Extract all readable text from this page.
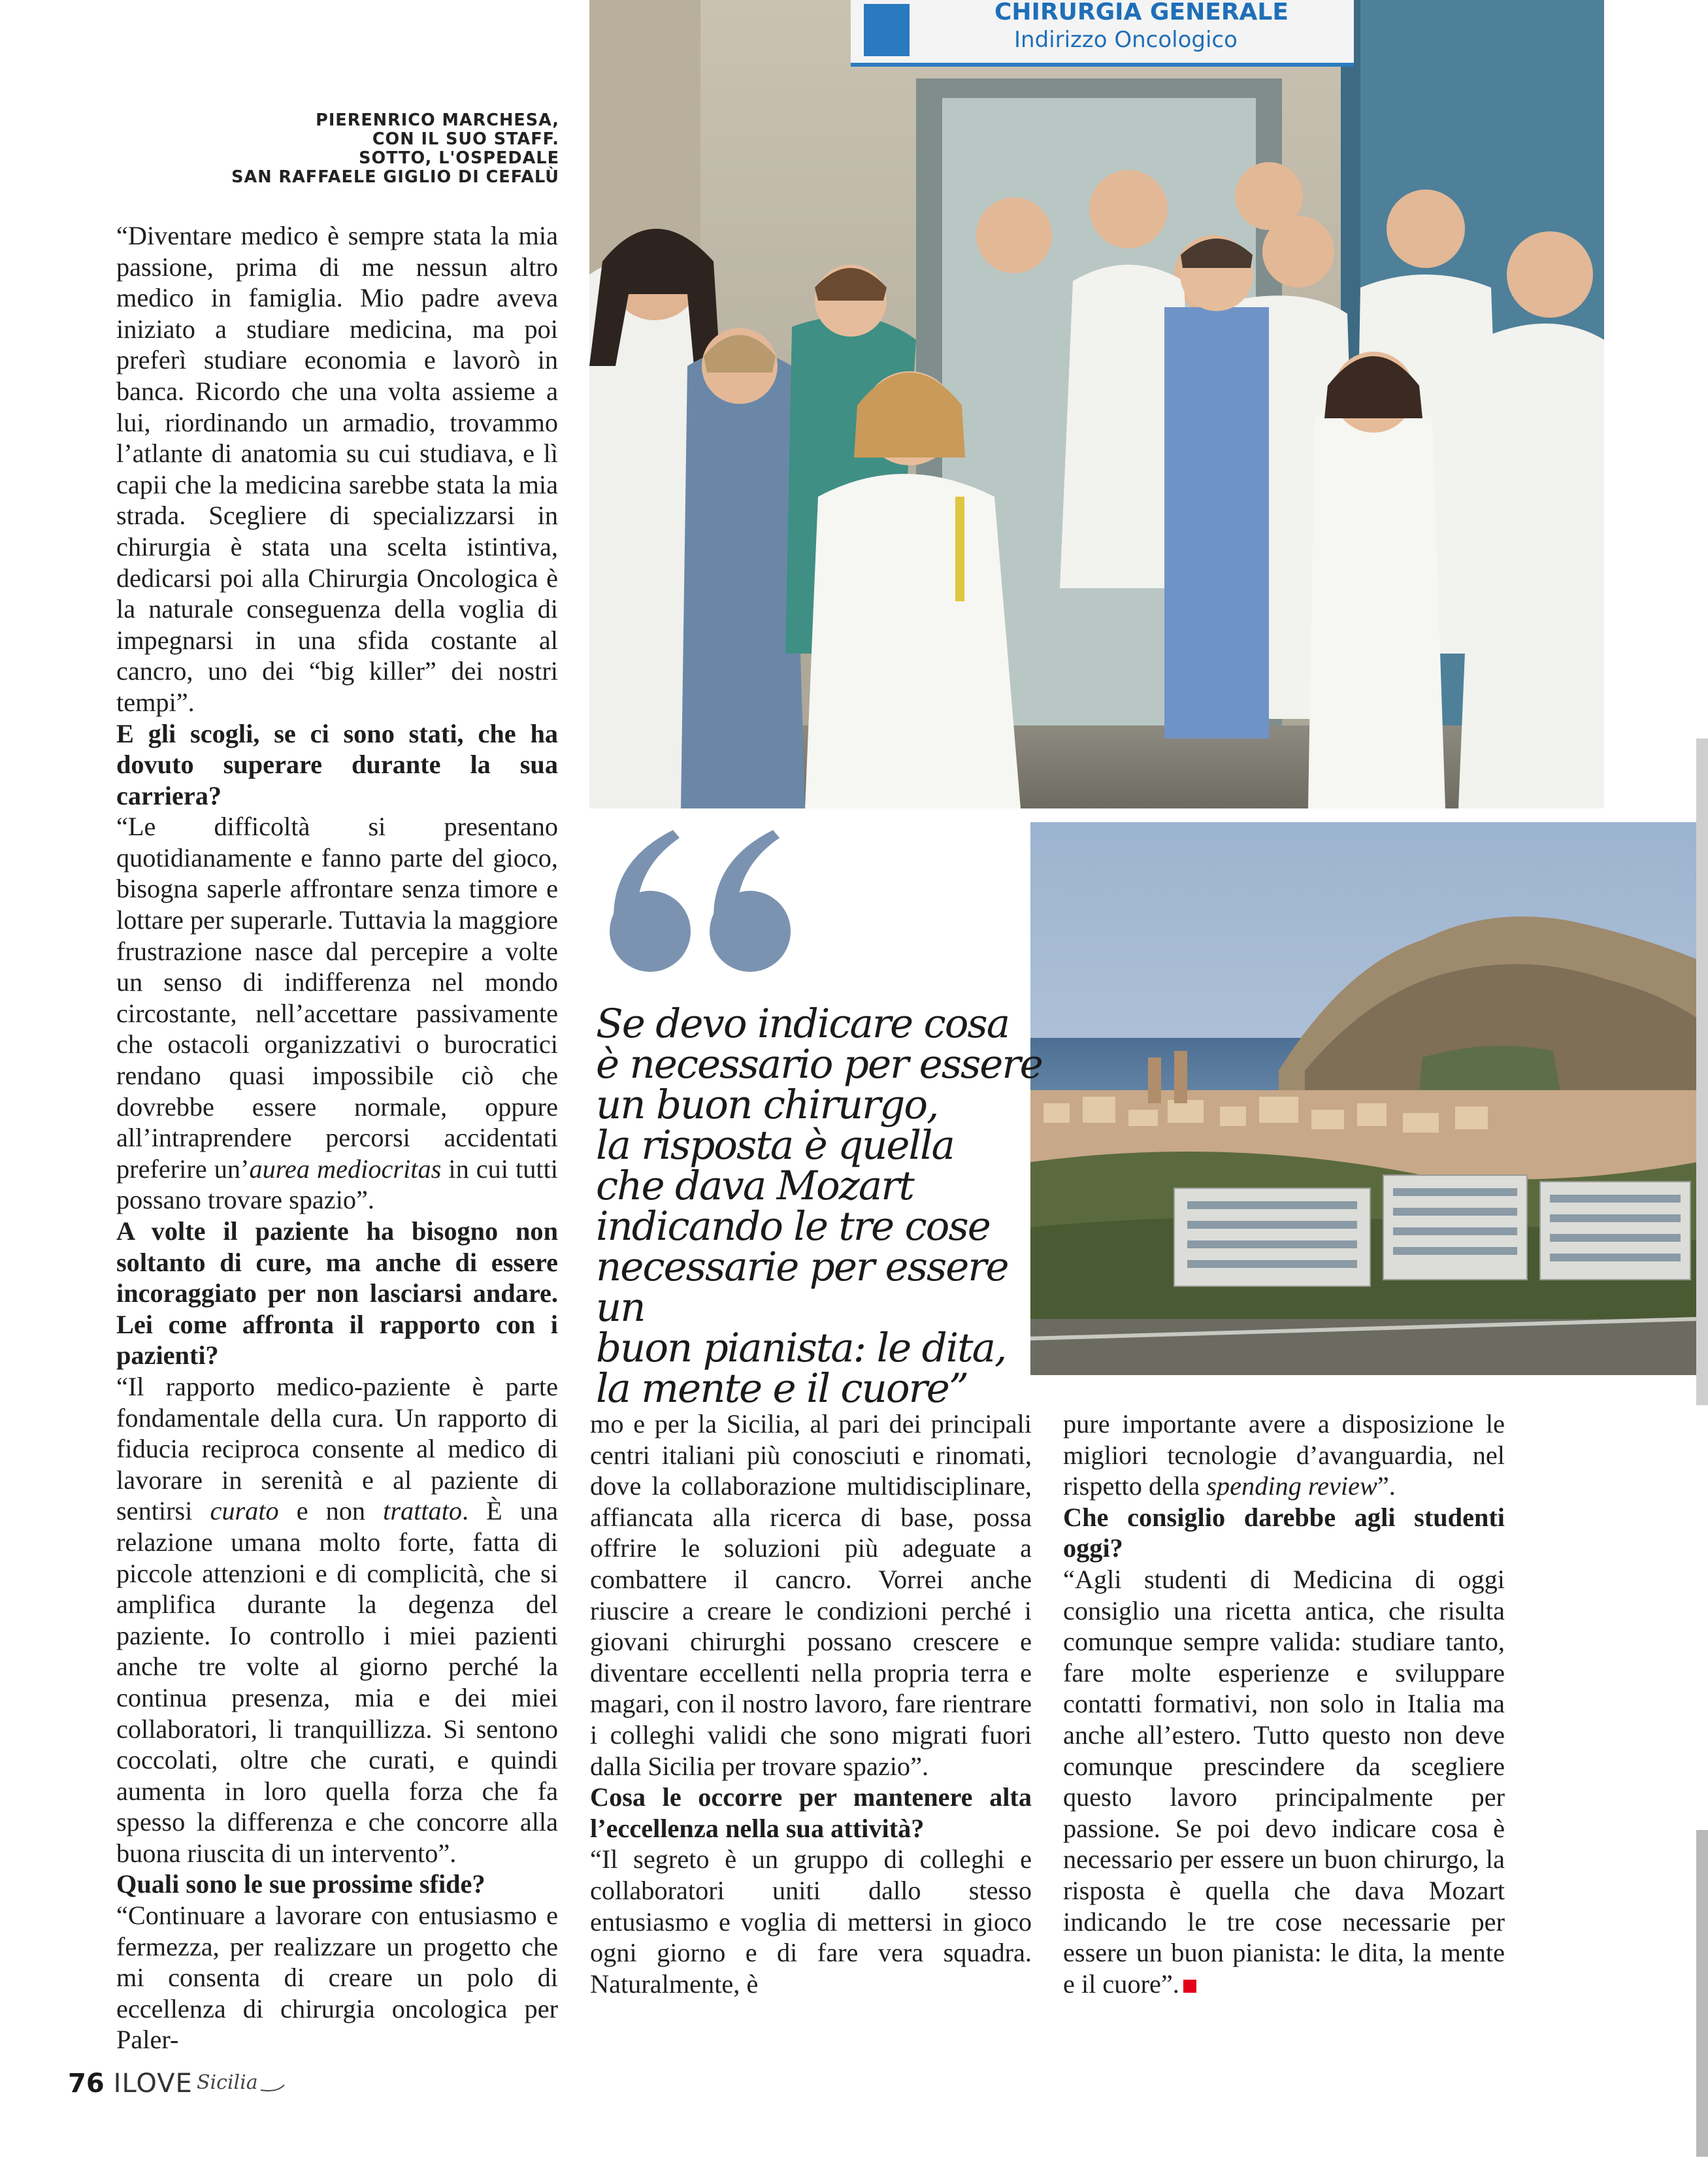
PIERENRICO MARCHESA,
CON IL SUO STAFF.
SOTTO, L'OSPEDALE
SAN RAFFAELE GIGLIO DI CEFALÙ

“Diventare medico è sempre stata la mia passione, prima di me nessun altro medico in famiglia. Mio padre aveva iniziato a studiare medicina, ma poi preferì studiare economia e lavorò in banca. Ricordo che una volta assieme a lui, riordinando un armadio, trovammo l’atlante di anatomia su cui studiava, e lì capii che la medicina sarebbe stata la mia strada. Scegliere di specializzarsi in chirurgia è stata una scelta istintiva, dedicarsi poi alla Chirurgia Oncologica è la naturale conseguenza della voglia di impegnarsi in una sfida costante al cancro, uno dei “big killer” dei nostri tempi”.

E gli scogli, se ci sono stati, che ha dovuto superare durante la sua carriera?

“Le difficoltà si presentano quotidianamente e fanno parte del gioco, bisogna saperle affrontare senza timore e lottare per superarle. Tuttavia la maggiore frustrazione nasce dal percepire a volte un senso di indifferenza nel mondo circostante, nell’accettare passivamente che ostacoli organizzativi o burocratici rendano quasi impossibile ciò che dovrebbe essere normale, oppure all’intraprendere percorsi accidentati preferire un’aurea mediocritas in cui tutti possano trovare spazio”.

A volte il paziente ha bisogno non soltanto di cure, ma anche di essere incoraggiato per non lasciarsi andare. Lei come affronta il rapporto con i pazienti?

“Il rapporto medico-paziente è parte fondamentale della cura. Un rapporto di fiducia reciproca consente al medico di lavorare in serenità e al paziente di sentirsi curato e non trattato. È una relazione umana molto forte, fatta di piccole attenzioni e di complicità, che si amplifica durante la degenza del paziente. Io controllo i miei pazienti anche tre volte al giorno perché la continua presenza, mia e dei miei collaboratori, li tranquillizza. Si sentono coccolati, oltre che curati, e quindi aumenta in loro quella forza che fa spesso la differenza e che concorre alla buona riuscita di un intervento”.

Quali sono le sue prossime sfide?

“Continuare a lavorare con entusiasmo e fermezza, per realizzare un progetto che mi consenta di creare un polo di eccellenza di chirurgia oncologica per Paler-

mo e per la Sicilia, al pari dei principali centri italiani più conosciuti e rinomati, dove la collaborazione multidisciplinare, affiancata alla ricerca di base, possa offrire le soluzioni più adeguate a combattere il cancro. Vorrei anche riuscire a creare le condizioni perché i giovani chirurghi possano crescere e diventare eccellenti nella propria terra e magari, con il nostro lavoro, fare rientrare i colleghi validi che sono migrati fuori dalla Sicilia per trovare spazio”.

Cosa le occorre per mantenere alta l’eccellenza nella sua attività?

“Il segreto è un gruppo di colleghi e collaboratori uniti dallo stesso entusiasmo e voglia di mettersi in gioco ogni giorno e di fare vera squadra. Naturalmente, è

pure importante avere a disposizione le migliori tecnologie d’avanguardia, nel rispetto della spending review”.

Che consiglio darebbe agli studenti oggi?

“Agli studenti di Medicina di oggi consiglio una ricetta antica, che risulta comunque sempre valida: studiare tanto, fare molte esperienze e sviluppare contatti formativi, non solo in Italia ma anche all’estero. Tutto questo non deve comunque prescindere da scegliere questo lavoro principalmente per passione. Se poi devo indicare cosa è necessario per essere un buon chirurgo, la risposta è quella che dava Mozart indicando le tre cose necessarie per essere un buon pianista: le dita, la mente e il cuore”.

CHIRURGIA GENERALE
Indirizzo Oncologico
Se devo indicare cosa
è necessario per essere
un buon chirurgo,
la risposta è quella
che dava Mozart
indicando le tre cose
necessarie per essere un
buon pianista: le dita,
la mente e il cuore”
76 ILOVE Sicilia
